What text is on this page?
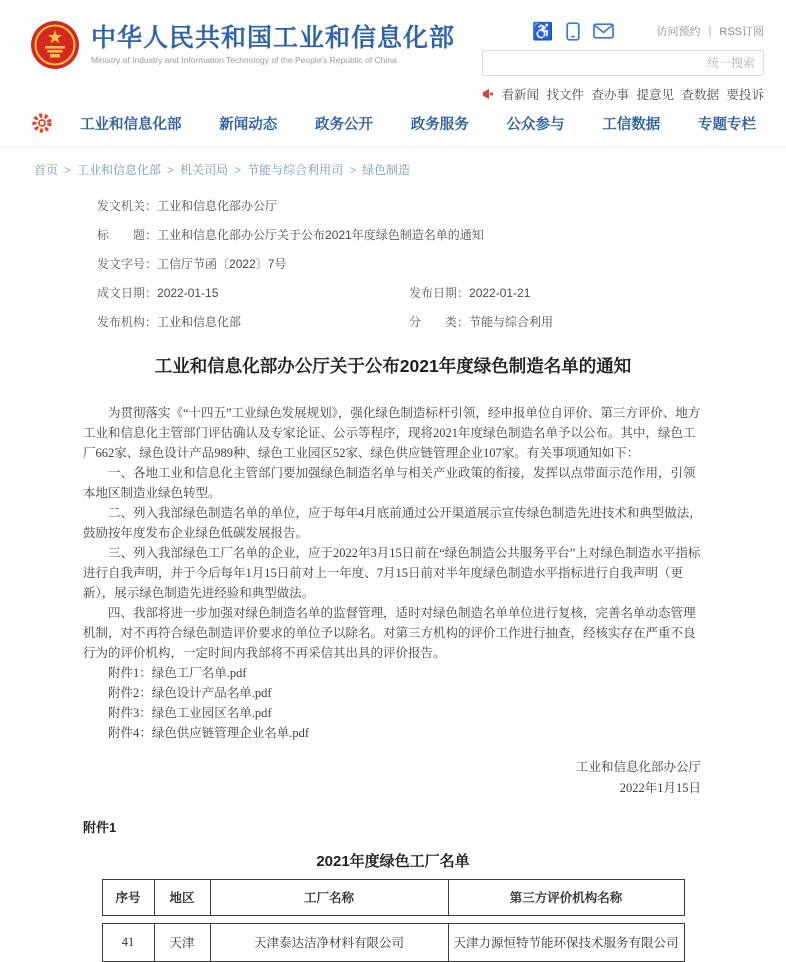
中华人民共和国工业和信息化部
Ministry of Industry and Information Technology of the People's Republic of China
♿	访问预约 | RSS订阅
统一搜索
看新闻 找文件 查办事 提意见 查数据 要投诉
工业和信息化部	新闻动态	政务公开	政务服务	公众参与	工信数据	专题专栏
首页 > 工业和信息化部 > 机关司局 > 节能与综合利用司 > 绿色制造
发文机关： 工业和信息化部办公厅
标　　题： 工业和信息化部办公厅关于公布2021年度绿色制造名单的通知
发文字号： 工信厅节函〔2022〕7号
成文日期： 2022-01-15	发布日期： 2022-01-21
发布机构： 工业和信息化部	分　　类： 节能与综合利用
工业和信息化部办公厅关于公布2021年度绿色制造名单的通知

为贯彻落实《“十四五”工业绿色发展规划》，强化绿色制造标杆引领，经申报单位自评价、第三方评价、地方工业和信息化主管部门评估确认及专家论证、公示等程序，现将2021年度绿色制造名单予以公布。其中，绿色工厂662家、绿色设计产品989种、绿色工业园区52家、绿色供应链管理企业107家。有关事项通知如下：

一、各地工业和信息化主管部门要加强绿色制造名单与相关产业政策的衔接，发挥以点带面示范作用，引领本地区制造业绿色转型。

二、列入我部绿色制造名单的单位，应于每年4月底前通过公开渠道展示宣传绿色制造先进技术和典型做法，鼓励按年度发布企业绿色低碳发展报告。

三、列入我部绿色工厂名单的企业，应于2022年3月15日前在“绿色制造公共服务平台”上对绿色制造水平指标进行自我声明，并于今后每年1月15日前对上一年度、7月15日前对半年度绿色制造水平指标进行自我声明（更新），展示绿色制造先进经验和典型做法。

四、我部将进一步加强对绿色制造名单的监督管理，适时对绿色制造名单单位进行复核，完善名单动态管理机制，对不再符合绿色制造评价要求的单位予以除名。对第三方机构的评价工作进行抽查，经核实存在严重不良行为的评价机构，一定时间内我部将不再采信其出具的评价报告。

附件1：绿色工厂名单.pdf
附件2：绿色设计产品名单.pdf
附件3：绿色工业园区名单.pdf
附件4：绿色供应链管理企业名单.pdf
工业和信息化部办公厅
2022年1月15日
附件1
2021年度绿色工厂名单
序号	地区	工厂名称	第三方评价机构名称
41	天津	天津泰达洁净材料有限公司	天津力源恒特节能环保技术服务有限公司
